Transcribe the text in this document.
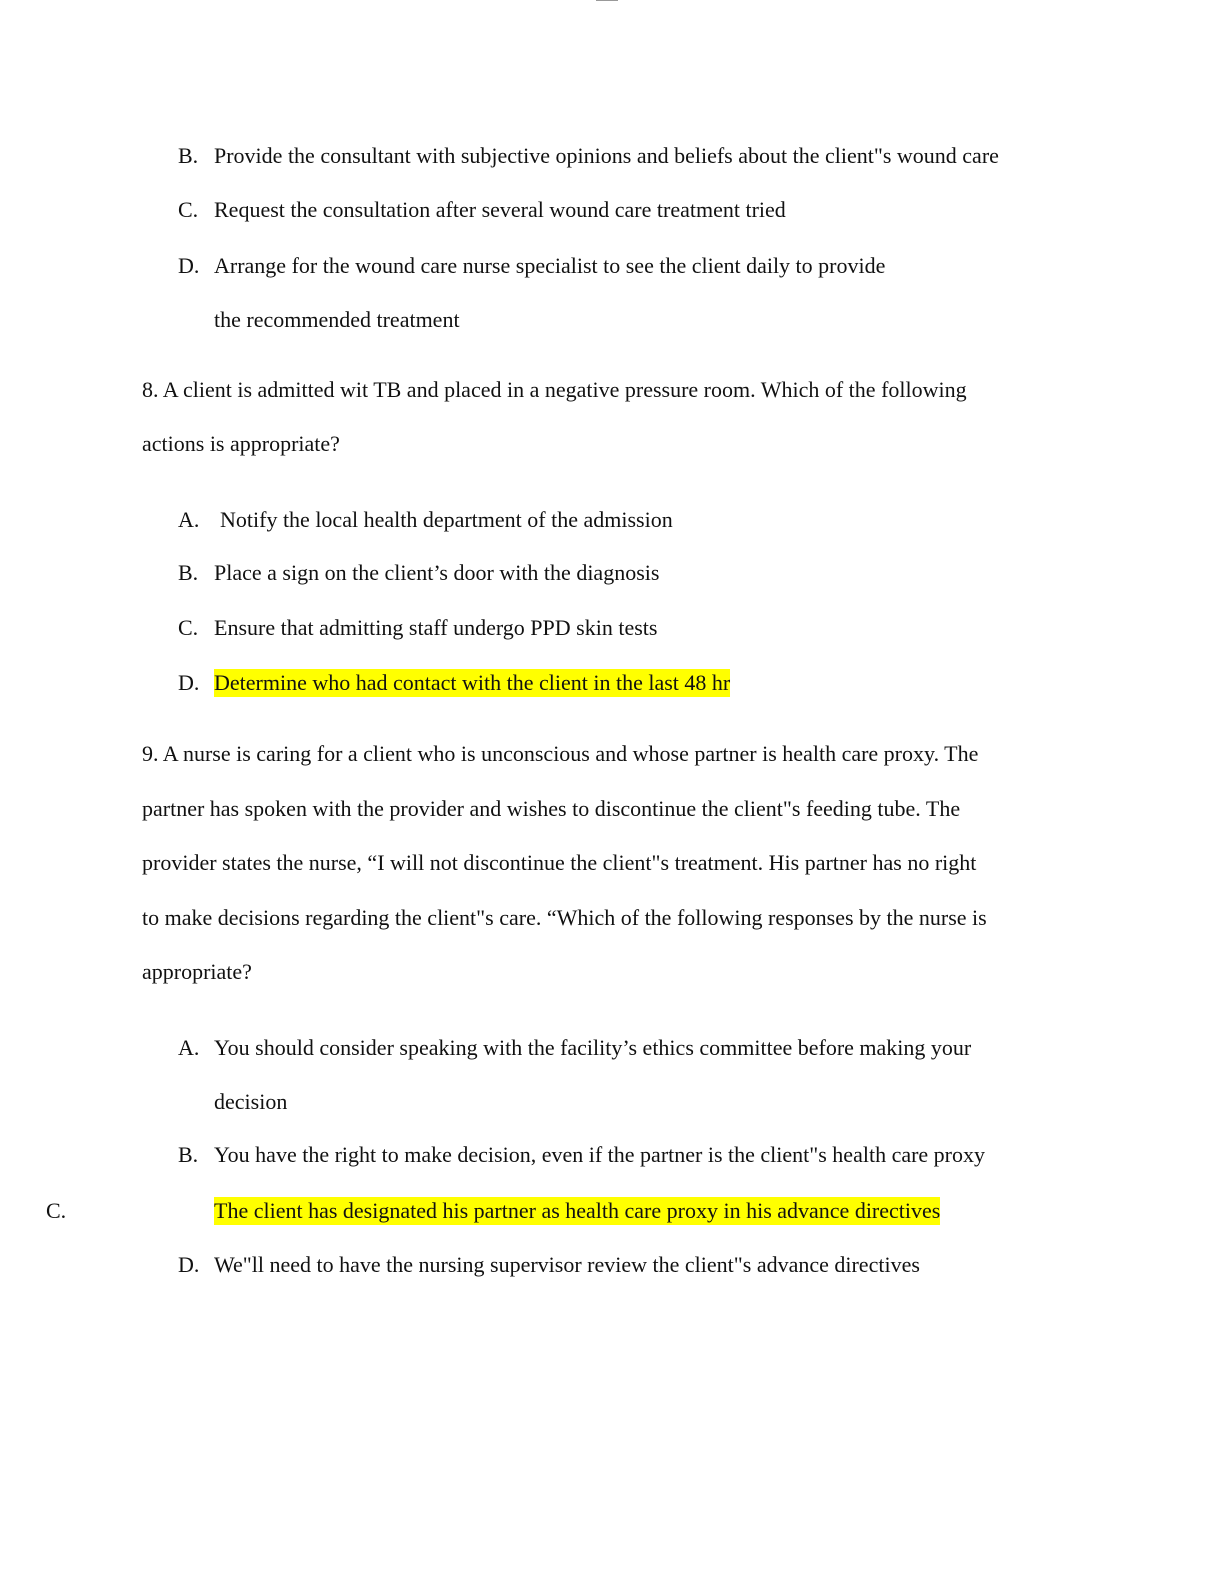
B. Provide the consultant with subjective opinions and beliefs about the client"s wound care
C. Request the consultation after several wound care treatment tried
D. Arrange for the wound care nurse specialist to see the client daily to provide
the recommended treatment
8. A client is admitted wit TB and placed in a negative pressure room. Which of the following
actions is appropriate?
A. Notify the local health department of the admission
B. Place a sign on the client’s door with the diagnosis
C. Ensure that admitting staff undergo PPD skin tests
D. Determine who had contact with the client in the last 48 hr
9. A nurse is caring for a client who is unconscious and whose partner is health care proxy. The
partner has spoken with the provider and wishes to discontinue the client"s feeding tube. The
provider states the nurse, “I will not discontinue the client"s treatment. His partner has no right
to make decisions regarding the client"s care. “Which of the following responses by the nurse is
appropriate?
A. You should consider speaking with the facility’s ethics committee before making your
decision
B. You have the right to make decision, even if the partner is the client"s health care proxy
C.	The client has designated his partner as health care proxy in his advance directives
D. We"ll need to have the nursing supervisor review the client"s advance directives
